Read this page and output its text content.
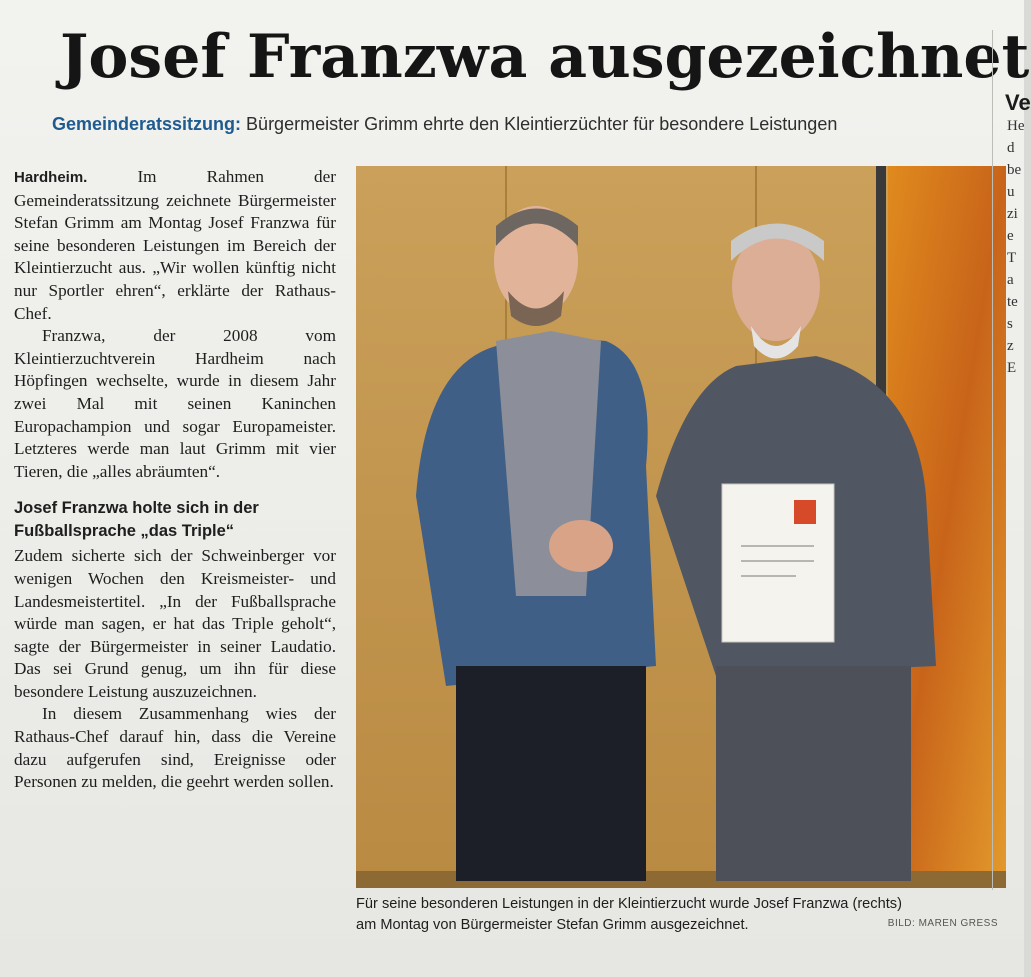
Josef Franzwa ausgezeichnet
Gemeinderatssitzung: Bürgermeister Grimm ehrte den Kleintierzüchter für besondere Leistungen

Hardheim. Im Rahmen der Gemeinderatssitzung zeichnete Bürgermeister Stefan Grimm am Montag Josef Franzwa für seine besonderen Leistungen im Bereich der Kleintierzucht aus. „Wir wollen künftig nicht nur Sportler ehren“, erklärte der Rathaus-Chef.

Franzwa, der 2008 vom Kleintierzuchtverein Hardheim nach Höpfingen wechselte, wurde in diesem Jahr zwei Mal mit seinen Kaninchen Europachampion und sogar Europameister. Letzteres werde man laut Grimm mit vier Tieren, die „alles abräumten“.

Josef Franzwa holte sich in der Fußballsprache „das Triple“

Zudem sicherte sich der Schweinberger vor wenigen Wochen den Kreismeister- und Landesmeistertitel. „In der Fußballsprache würde man sagen, er hat das Triple geholt“, sagte der Bürgermeister in seiner Laudatio. Das sei Grund genug, um ihn für diese besondere Leistung auszuzeichnen.

In diesem Zusammenhang wies der Rathaus-Chef darauf hin, dass die Vereine dazu aufgerufen sind, Ereignisse oder Personen zu melden, die geehrt werden sollen.

Für seine besonderen Leistungen in der Kleintierzucht wurde Josef Franzwa (rechts)
am Montag von Bürgermeister Stefan Grimm ausgezeichnet.	BILD: MAREN GRESS
Ve
He
d
be
u
zi
e
T
a
te
s
z
E
